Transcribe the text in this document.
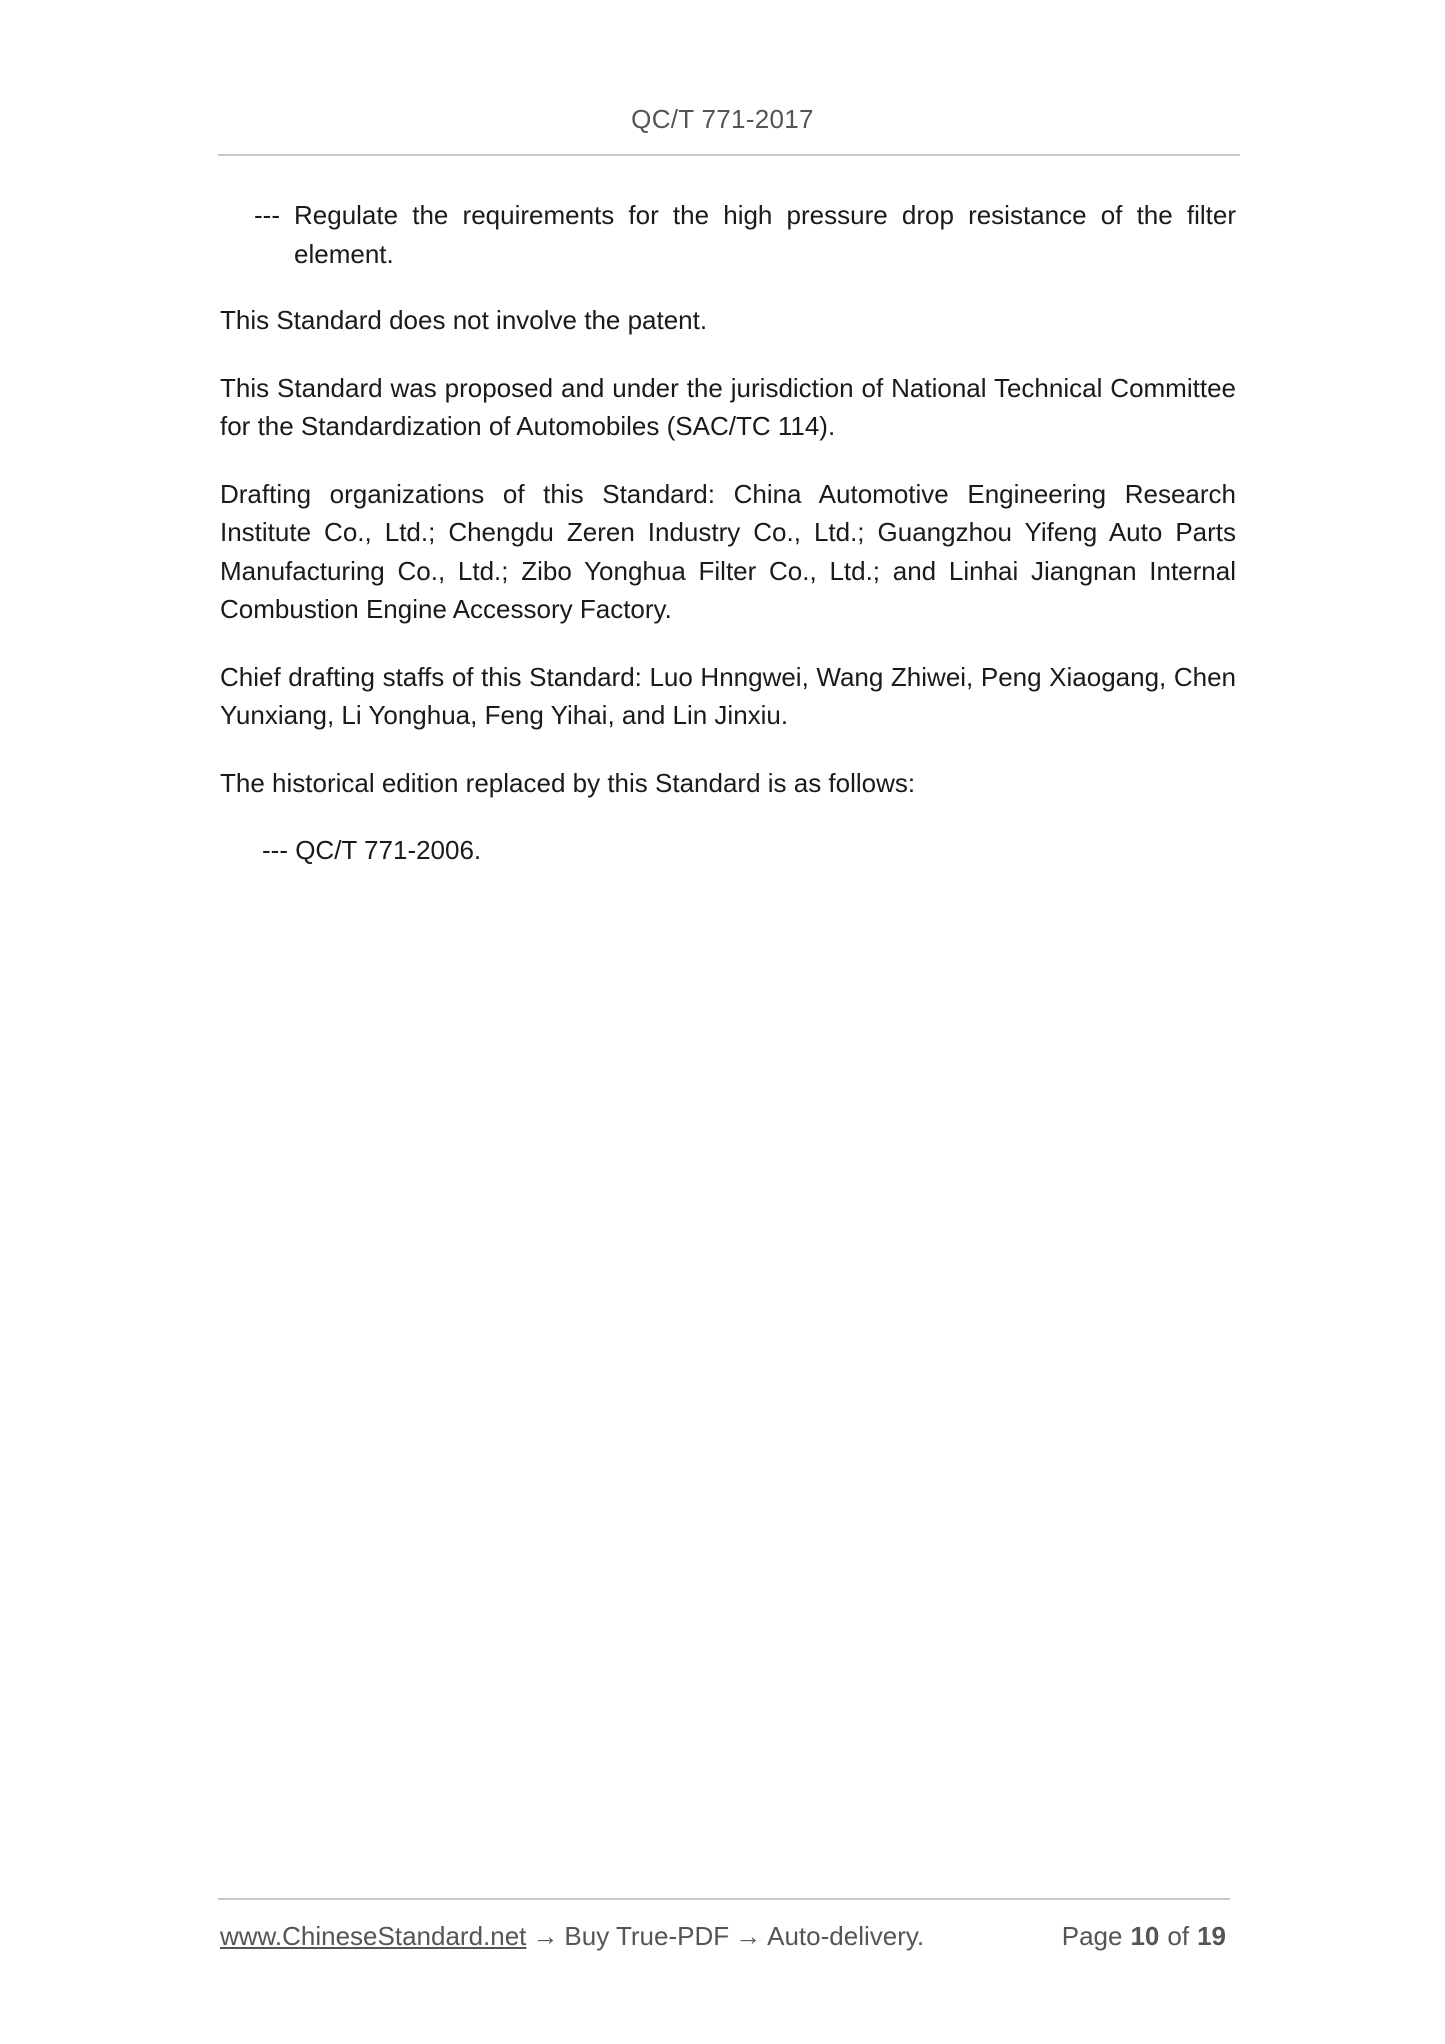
QC/T 771-2017
--- Regulate the requirements for the high pressure drop resistance of the filter element.

This Standard does not involve the patent.

This Standard was proposed and under the jurisdiction of National Technical Committee for the Standardization of Automobiles (SAC/TC 114).

Drafting organizations of this Standard: China Automotive Engineering Research Institute Co., Ltd.; Chengdu Zeren Industry Co., Ltd.; Guangzhou Yifeng Auto Parts Manufacturing Co., Ltd.; Zibo Yonghua Filter Co., Ltd.; and Linhai Jiangnan Internal Combustion Engine Accessory Factory.

Chief drafting staffs of this Standard: Luo Hnngwei, Wang Zhiwei, Peng Xiaogang, Chen Yunxiang, Li Yonghua, Feng Yihai, and Lin Jinxiu.

The historical edition replaced by this Standard is as follows:

--- QC/T 771-2006.
www.ChineseStandard.net → Buy True-PDF → Auto-delivery.	Page 10 of 19
